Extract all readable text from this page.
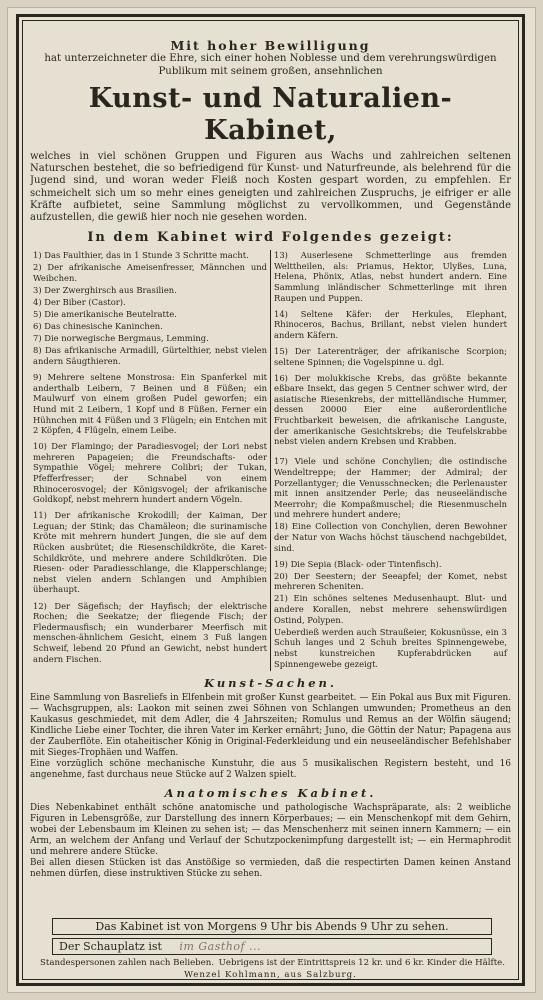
Mit hoher Bewilligung
hat unterzeichneter die Ehre, sich einer hohen Noblesse und dem verehrungswürdigen
Publikum mit seinem großen, ansehnlichen
Kunst- und Naturalien-Kabinet,
welches in viel schönen Gruppen und Figuren aus Wachs und zahlreichen seltenen Naturschen bestehet, die so befriedigend für Kunst- und Naturfreunde, als belehrend für die Jugend sind, und woran weder Fleiß noch Kosten gespart worden, zu empfehlen. Er schmeichelt sich um so mehr eines geneigten und zahlreichen Zuspruchs, je eifriger er alle Kräfte aufbietet, seine Sammlung möglichst zu vervollkommen, und Gegenstände aufzustellen, die gewiß hier noch nie gesehen worden.
In dem Kabinet wird Folgendes gezeigt:
1) Das Faulthier, das in 1 Stunde 3 Schritte macht.
2) Der afrikanische Ameisenfresser, Männchen und Weibchen.
3) Der Zwerghirsch aus Brasilien.
4) Der Biber (Castor).
5) Die amerikanische Beutelratte.
6) Das chinesische Kaninchen.
7) Die norwegische Bergmaus, Lemming.
8) Das afrikanische Armadill, Gürtelthier, nebst vielen andern Säugthieren.
9) Mehrere seltene Monstrosa: Ein Spanferkel mit anderthalb Leibern, 7 Beinen und 8 Füßen; ein Maulwurf von einem großen Pudel geworfen; ein Hund mit 2 Leibern, 1 Kopf und 8 Füßen. Ferner ein Hühnchen mit 4 Füßen und 3 Flügeln; ein Entchen mit 2 Köpfen, 4 Flügeln, einem Leibe.
10) Der Flamingo; der Paradiesvogel; der Lori nebst mehreren Papageien; die Freundschafts- oder Sympathie Vögel; mehrere Colibri; der Tukan, Pfefferfresser; der Schnabel von einem Rhinocerosvogel; der Königsvogel; der afrikanische Goldkopf, nebst mehrern hundert andern Vögeln.
11) Der afrikanische Krokodill; der Kaiman, Der Leguan; der Stink; das Chamäleon; die surinamische Kröte mit mehrern hundert Jungen, die sie auf dem Rücken ausbrütet; die Riesenschildkröte, die Karet-Schildkröte, und mehrere andere Schildkröten. Die Riesen- oder Paradiesschlange, die Klapperschlange; nebst vielen andern Schlangen und Amphibien überhaupt.
12) Der Sägefisch; der Hayfisch; der elektrische Rochen; die Seekatze; der fliegende Fisch; der Fledermausfisch; ein wunderbarer Meerfisch mit menschen-ähnlichem Gesicht, einem 3 Fuß langen Schweif, lebend 20 Pfund an Gewicht, nebst hundert andern Fischen.
13) Auserlesene Schmetterlinge aus fremden Welttheilen, als: Priamus, Hektor, Ulyßes, Luna, Helena, Phönix, Atlas, nebst hundert andern. Eine Sammlung inländischer Schmetterlinge mit ihren Raupen und Puppen.
14) Seltene Käfer: der Herkules, Elephant, Rhinoceros, Bachus, Brillant, nebst vielen hundert andern Käfern.
15) Der Laterenträger, der afrikanische Scorpion; seltene Spinnen; die Vogelspinne u. dgl.
16) Der molukkische Krebs, das größte bekannte eßbare Insekt, das gegen 5 Centner schwer wird, der asiatische Riesenkrebs, der mittelländische Hummer, dessen 20000 Eier eine außerordentliche Fruchtbarkeit beweisen, die afrikanische Languste, der amerikanische Gesichtskrebs; die Teufelskrabbe nebst vielen andern Krebsen und Krabben.
17) Viele und schöne Conchylien; die ostindische Wendeltreppe; der Hammer; der Admiral; der Porzellantyger; die Venusschnecken; die Perlenauster mit innen ansitzender Perle; das neuseeländische Meerrohr; die Kompaßmuschel; die Riesenmuscheln und mehrere hundert andere;
18) Eine Collection von Conchylien, deren Bewohner der Natur von Wachs höchst täuschend nachgebildet, sind.
19) Die Sepia (Black- oder Tintenfisch).
20) Der Seestern; der Seeapfel; der Komet, nebst mehreren Scheniten.
21) Ein schönes seltenes Medusenhaupt. Blut- und andere Korallen, nebst mehrere sehenswürdigen Ostind, Polypen.
Ueberdieß werden auch Straußeier, Kokusnüsse, ein 3 Schuh langes und 2 Schuh breites Spinnengewebe, nebst kunstreichen Kupferabdrücken auf Spinnengewebe gezeigt.
Kunst-Sachen.
Eine Sammlung von Basreliefs in Elfenbein mit großer Kunst gearbeitet. — Ein Pokal aus Bux mit Figuren. — Wachsgruppen, als: Laokon mit seinen zwei Söhnen von Schlangen umwunden; Prometheus an den Kaukasus geschmiedet, mit dem Adler, die 4 Jahrszeiten; Romulus und Remus an der Wölfin säugend; Kindliche Liebe einer Tochter, die ihren Vater im Kerker ernährt; Juno, die Göttin der Natur; Papagena aus der Zauberflöte. Ein otaheitischer König in Original-Federkleidung und ein neuseeländischer Befehlshaber mit Sieges-Trophäen und Waffen.
Eine vorzüglich schöne mechanische Kunstuhr, die aus 5 musikalischen Registern besteht, und 16 angenehme, fast durchaus neue Stücke auf 2 Walzen spielt.
Anatomisches Kabinet.
Dies Nebenkabinet enthält schöne anatomische und pathologische Wachspräparate, als: 2 weibliche Figuren in Lebensgröße, zur Darstellung des innern Körperbaues; — ein Menschenkopf mit dem Gehirn, wobei der Lebensbaum im Kleinen zu sehen ist; — das Menschenherz mit seinen innern Kammern; — ein Arm, an welchem der Anfang und Verlauf der Schutzpockenimpfung dargestellt ist; — ein Hermaphrodit und mehrere andere Stücke.
Bei allen diesen Stücken ist das Anstößige so vermieden, daß die respectirten Damen keinen Anstand nehmen dürfen, diese instruktiven Stücke zu sehen.
Das Kabinet ist von Morgens 9 Uhr bis Abends 9 Uhr zu sehen.
Der Schauplatz ist im Gasthof ...
Standespersonen zahlen nach Belieben. Uebrigens ist der Eintrittspreis 12 kr. und 6 kr. Kinder die Hälfte.
Wenzel Kohlmann, aus Salzburg.
